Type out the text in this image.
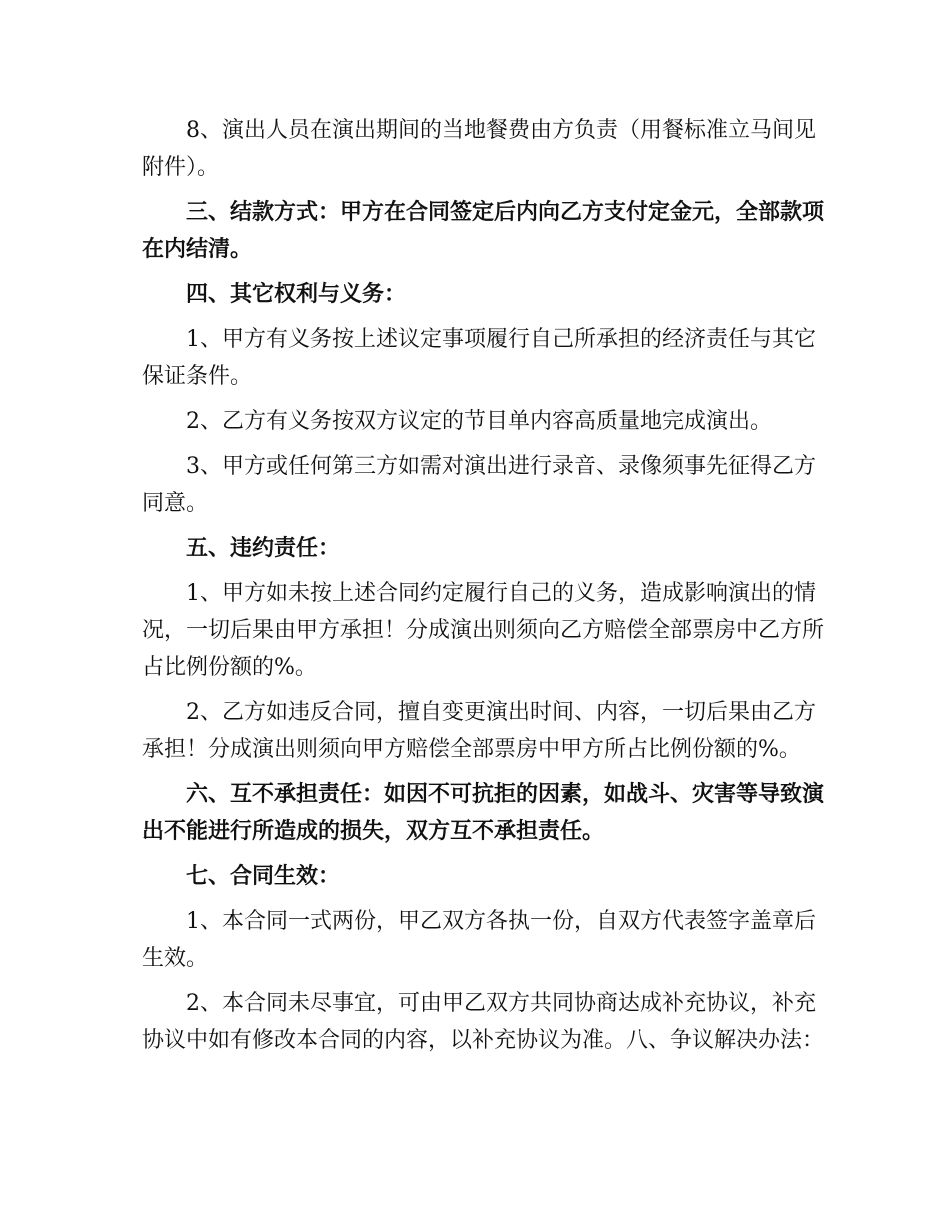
8、演出人员在演出期间的当地餐费由方负责（用餐标准立马间见附件）。

三、结款方式：甲方在合同签定后内向乙方支付定金元，全部款项在内结清。

四、其它权利与义务：

1、甲方有义务按上述议定事项履行自己所承担的经济责任与其它保证条件。

2、乙方有义务按双方议定的节目单内容高质量地完成演出。

3、甲方或任何第三方如需对演出进行录音、录像须事先征得乙方同意。

五、违约责任：

1、甲方如未按上述合同约定履行自己的义务，造成影响演出的情况，一切后果由甲方承担！分成演出则须向乙方赔偿全部票房中乙方所占比例份额的%。

2、乙方如违反合同，擅自变更演出时间、内容，一切后果由乙方承担！分成演出则须向甲方赔偿全部票房中甲方所占比例份额的%。

六、互不承担责任：如因不可抗拒的因素，如战斗、灾害等导致演出不能进行所造成的损失，双方互不承担责任。

七、合同生效：

1、本合同一式两份，甲乙双方各执一份，自双方代表签字盖章后生效。

2、本合同未尽事宜，可由甲乙双方共同协商达成补充协议，补充协议中如有修改本合同的内容，以补充协议为准。八、争议解决办法：
